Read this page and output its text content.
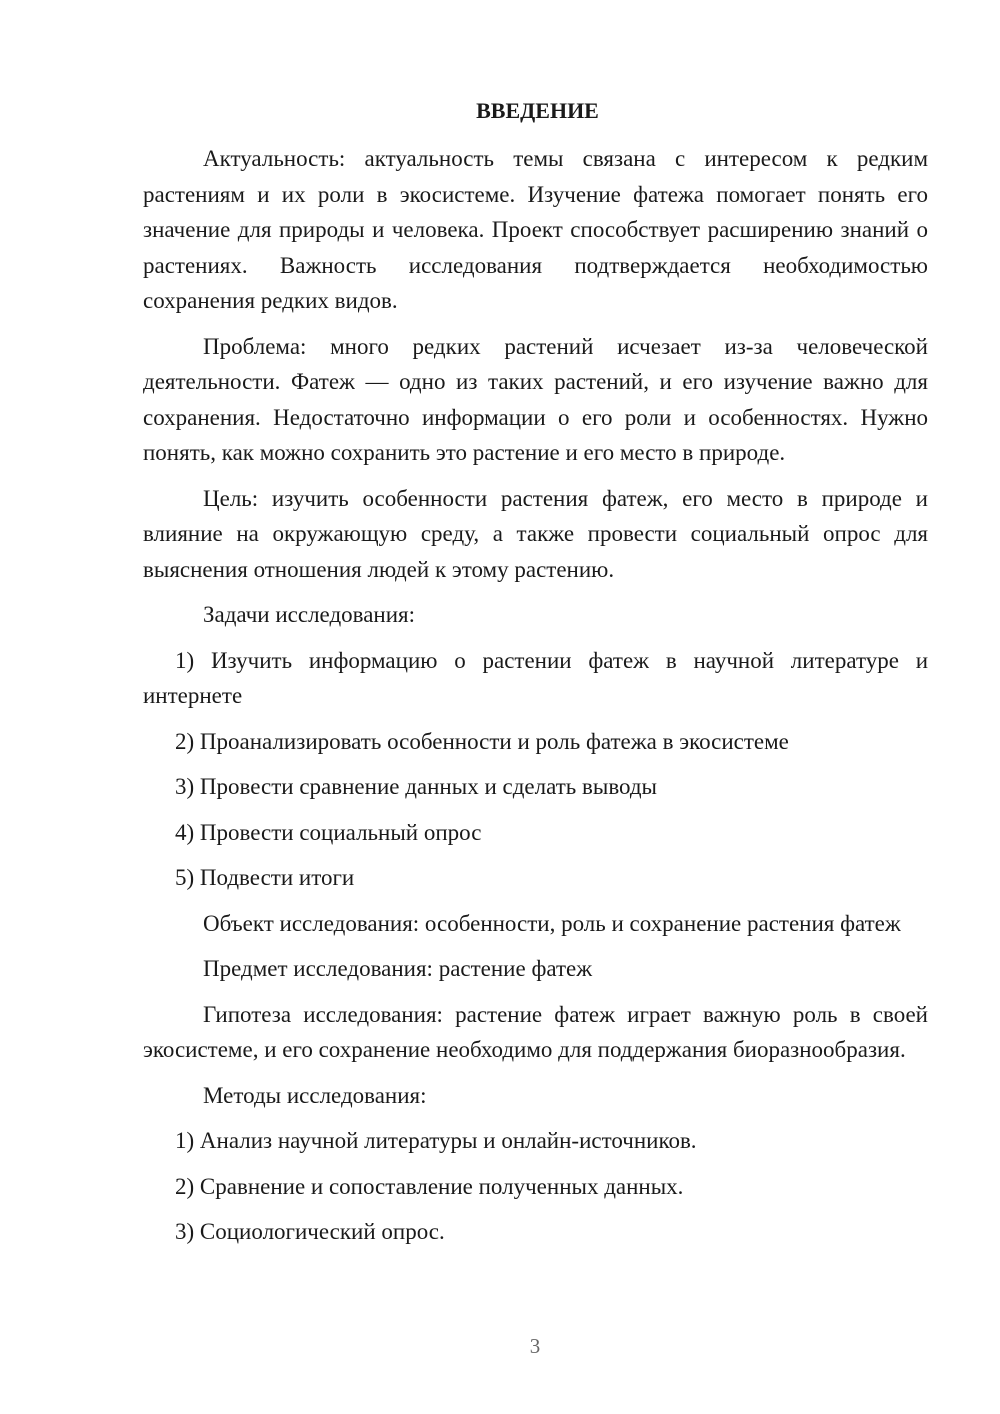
ВВЕДЕНИЕ

Актуальность: актуальность темы связана с интересом к редким растениям и их роли в экосистеме. Изучение фатежа помогает понять его значение для природы и человека. Проект способствует расширению знаний о растениях. Важность исследования подтверждается необходимостью сохранения редких видов.

Проблема: много редких растений исчезает из-за человеческой деятельности. Фатеж — одно из таких растений, и его изучение важно для сохранения. Недостаточно информации о его роли и особенностях. Нужно понять, как можно сохранить это растение и его место в природе.

Цель: изучить особенности растения фатеж, его место в природе и влияние на окружающую среду, а также провести социальный опрос для выяснения отношения людей к этому растению.

Задачи исследования:

1) Изучить информацию о растении фатеж в научной литературе и интернете

2) Проанализировать особенности и роль фатежа в экосистеме

3) Провести сравнение данных и сделать выводы

4) Провести социальный опрос

5) Подвести итоги

Объект исследования: особенности, роль и сохранение растения фатеж

Предмет исследования: растение фатеж

Гипотеза исследования: растение фатеж играет важную роль в своей экосистеме, и его сохранение необходимо для поддержания биоразнообразия.

Методы исследования:

1) Анализ научной литературы и онлайн-источников.

2) Сравнение и сопоставление полученных данных.

3) Социологический опрос.

3
